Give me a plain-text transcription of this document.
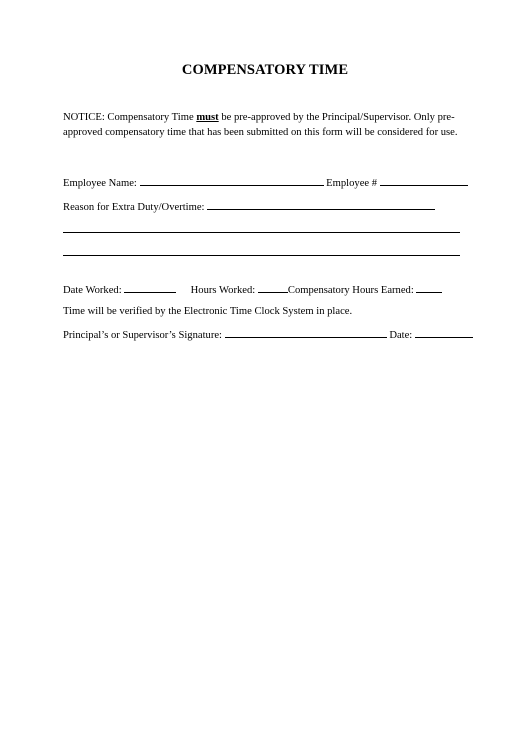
COMPENSATORY TIME
NOTICE: Compensatory Time must be pre-approved by the Principal/Supervisor. Only pre-approved compensatory time that has been submitted on this form will be considered for use.
Employee Name:	Employee #
Reason for Extra Duty/Overtime:
Date Worked:	Hours Worked:	Compensatory Hours Earned:
Time will be verified by the Electronic Time Clock System in place.
Principal’s or Supervisor’s Signature:	Date:
